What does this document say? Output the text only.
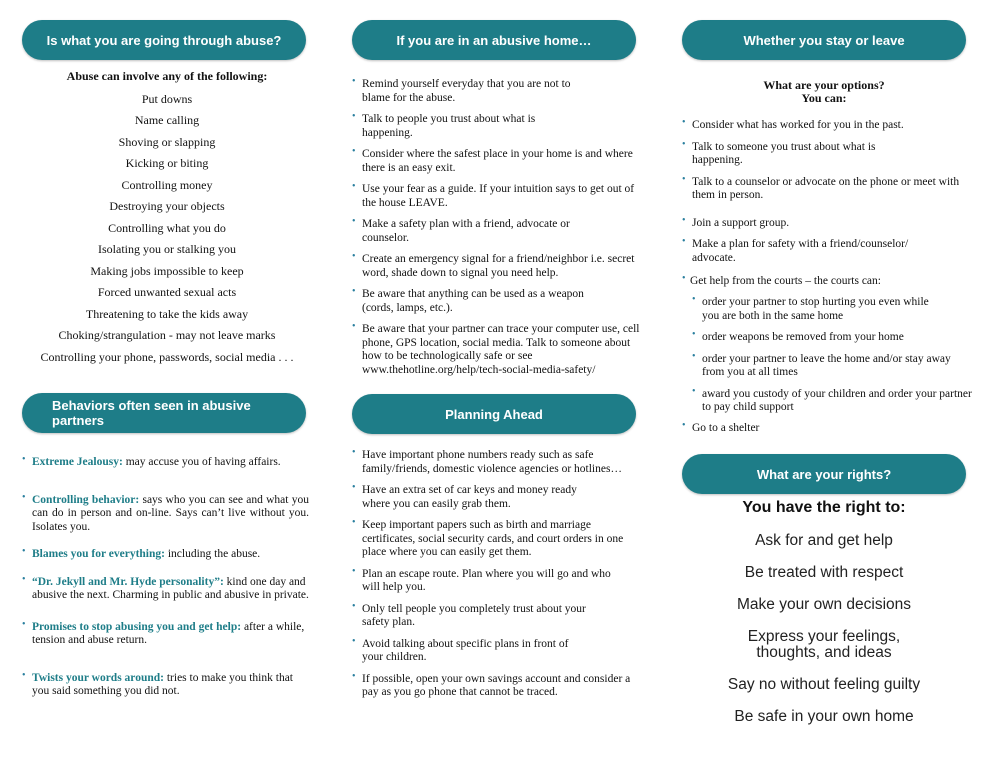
Is what you are going through abuse?
Abuse can involve any of the following:
Put downs
Name calling
Shoving or slapping
Kicking or biting
Controlling money
Destroying your objects
Controlling what you do
Isolating you or stalking you
Making jobs impossible to keep
Forced unwanted sexual acts
Threatening to take the kids away
Choking/strangulation - may not leave marks
Controlling your phone, passwords, social media . . .
Behaviors often seen in abusive partners
• Extreme Jealousy: may accuse you of having affairs.
• Controlling behavior: says who you can see and what you can do in person and on-line. Says can’t live without you. Isolates you.
• Blames you for everything: including the abuse.
• “Dr. Jekyll and Mr. Hyde personality”: kind one day and abusive the next. Charming in public and abusive in private.
• Promises to stop abusing you and get help: after a while, tension and abuse return.
• Twists your words around: tries to make you think that you said something you did not.
If you are in an abusive home…
• Remind yourself everyday that you are not to blame for the abuse.
• Talk to people you trust about what is happening.
• Consider where the safest place in your home is and where there is an easy exit.
• Use your fear as a guide. If your intuition says to get out of the house LEAVE.
• Make a safety plan with a friend, advocate or counselor.
• Create an emergency signal for a friend/neighbor i.e. secret word, shade down to signal you need help.
• Be aware that anything can be used as a weapon (cords, lamps, etc.).
• Be aware that your partner can trace your computer use, cell phone, GPS location, social media. Talk to someone about how to be technologically safe or see www.thehotline.org/help/tech-social-media-safety/
Planning Ahead
• Have important phone numbers ready such as safe family/friends, domestic violence agencies or hotlines…
• Have an extra set of car keys and money ready where you can easily grab them.
• Keep important papers such as birth and marriage certificates, social security cards, and court orders in one place where you can easily get them.
• Plan an escape route. Plan where you will go and who will help you.
• Only tell people you completely trust about your safety plan.
• Avoid talking about specific plans in front of your children.
• If possible, open your own savings account and consider a pay as you go phone that cannot be traced.
Whether you stay or leave
What are your options?
You can:
• Consider what has worked for you in the past.
• Talk to someone you trust about what is happening.
• Talk to a counselor or advocate on the phone or meet with them in person.
• Join a support group.
• Make a plan for safety with a friend/counselor/ advocate.
• Get help from the courts – the courts can:
• order your partner to stop hurting you even while you are both in the same home
• order weapons be removed from your home
• order your partner to leave the home and/or stay away from you at all times
• award you custody of your children and order your partner to pay child support
• Go to a shelter
What are your rights?
You have the right to:
Ask for and get help
Be treated with respect
Make your own decisions
Express your feelings,
thoughts, and ideas
Say no without feeling guilty
Be safe in your own home
